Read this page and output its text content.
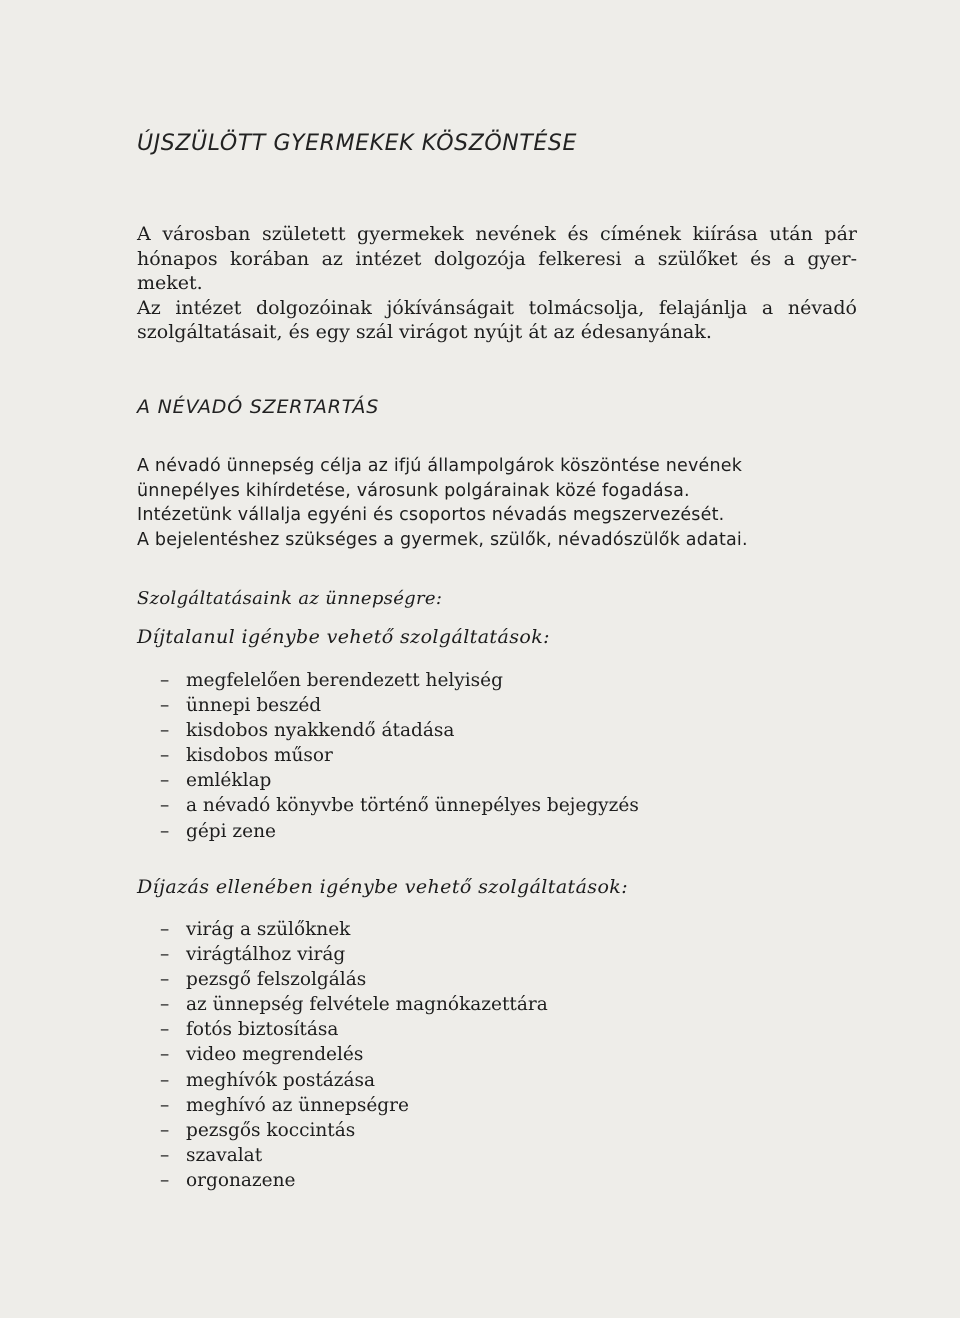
ÚJSZÜLÖTT GYERMEKEK KÖSZÖNTÉSE
A városban született gyermekek nevének és címének kiírása után pár
hónapos korában az intézet dolgozója felkeresi a szülőket és a gyer-
meket.
Az intézet dolgozóinak jókívánságait tolmácsolja, felajánlja a névadó
szolgáltatásait, és egy szál virágot nyújt át az édesanyának.
A NÉVADÓ SZERTARTÁS
A névadó ünnepség célja az ifjú állampolgárok köszöntése nevének
ünnepélyes kihírdetése, városunk polgárainak közé fogadása.
Intézetünk vállalja egyéni és csoportos névadás megszervezését.
A bejelentéshez szükséges a gyermek, szülők, névadószülők adatai.
Szolgáltatásaink az ünnepségre:
Díjtalanul igénybe vehető szolgáltatások:
– megfelelően berendezett helyiség
– ünnepi beszéd
– kisdobos nyakkendő átadása
– kisdobos műsor
– emléklap
– a névadó könyvbe történő ünnepélyes bejegyzés
– gépi zene
Díjazás ellenében igénybe vehető szolgáltatások:
– virág a szülőknek
– virágtálhoz virág
– pezsgő felszolgálás
– az ünnepség felvétele magnókazettára
– fotós biztosítása
– video megrendelés
– meghívók postázása
– meghívó az ünnepségre
– pezsgős koccintás
– szavalat
– orgonazene
